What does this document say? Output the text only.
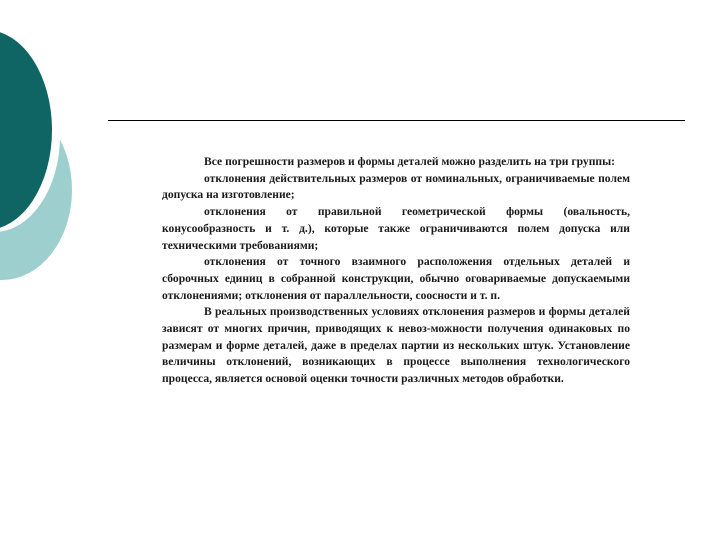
Все погрешности размеров и формы деталей можно разделить на три группы:

отклонения действительных размеров от номинальных, ограничиваемые полем допуска на изготовление;

отклонения от правильной геометрической формы (овальность, конусообразность и т. д.), которые также ограничиваются полем допуска или техническими требованиями;

отклонения от точного взаимного расположения отдельных деталей и сборочных единиц в собранной конструкции, обычно оговариваемые допускаемыми отклонениями; отклонения от параллельности, соосности и т. п.

В реальных производственных условиях отклонения размеров и формы деталей зависят от многих причин, приводящих к невоз-можности получения одинаковых по размерам и форме деталей, даже в пределах партии из нескольких штук. Установление величины отклонений, возникающих в процессе выполнения технологического процесса, является основой оценки точности различных методов обработки.
